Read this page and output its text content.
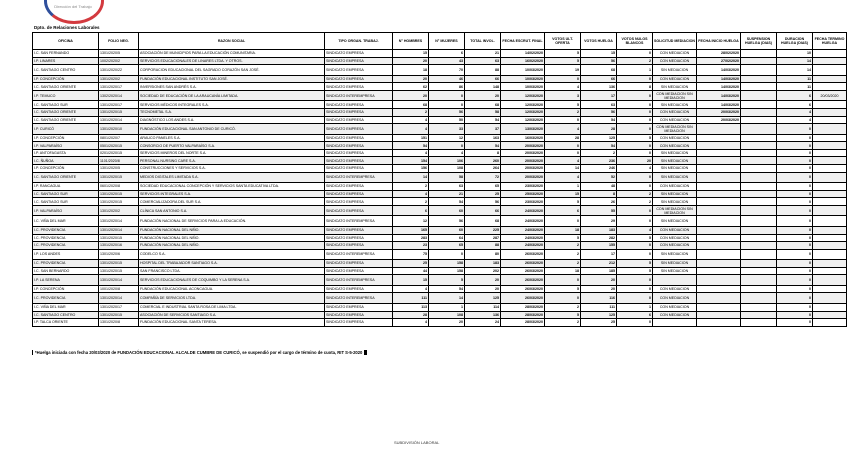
Dirección del Trabajo
Dpto. de Relaciones Laborales
OFICINA	FOLIO NEG.	RAZON SOCIAL	TIPO ORGAN. TRABAJ.	N° HOMBRES	N° MUJERES	TOTAL INVOL.	FECHA ESCRUT. FINAL	VOTOS ULT. OFERTA	VOTOS HUELGA	VOTOS NULOS BLANCOS	SOLICITUD MEDIACION	FECHA INICIO HUELGA	SUSPENSION HUELGA (DIAS)	DURACION HUELGA (DIAS)	FECHA TERMINO HUELGA
I.C. SAN FERNANDO	1301/2020/5	ASOCIACIÓN DE MUNICIPIOS PARA LA EDUCACIÓN COMUNITARIA.	SINDICATO EMPRESA	15	6	21	14/02/2020	5	15	0	CON MEDIACION	28/02/2020		10	
I.P. LINARES	1002/2020/2	SERVICIOS EDUCACIONALES DE LINARES LTDA. Y OTROS.	SINDICATO EMPRESA	20	43	63	16/02/2020	5	56	2	CON MEDIACION	27/02/2020		14	
I.C. SANTIAGO CENTRO	1301/2020/22	CORPORACION EDUCACIONAL DEL SAGRADO CORAZÓN SAN JOSÉ.	SINDICATO EMPRESA	18	70	88	10/03/2020	19	68	1	SIN MEDIACION	14/03/2020		14	
I.P. CONCEPCIÓN	1301/2020/2	FUNDACIÓN EDUCACIONAL INSTITUTO SAN JOSÉ.	SINDICATO EMPRESA	20	46	66	10/03/2020	0	66	0	CON MEDIACION	14/03/2020		11	
I.C. SANTIAGO ORIENTE	1301/2020/17	INVERSIONES SAN ANDRÉS S.A.	SINDICATO EMPRESA	62	86	148	10/03/2020	4	136	8	SIN MEDIACION	14/03/2020		11	
I.P. TEMUCO	1302/2020/14	SOCIEDAD DE EDUCACIÓN DE LA ARAUCANÍA LIMITADA.	SINDICATO INTEREMPRESA	20	0	20	12/03/2020	3	17	0	CON MEDIACION SIN MEDIACION	14/03/2020		6	20/03/2020
I.C. SANTIAGO SUR	1301/2020/17	SERVICIOS MÉDICOS INTEGRALES S.A.	SINDICATO EMPRESA	68	0	68	12/03/2020	5	63	0	SIN MEDIACION	14/03/2020		6	
I.C. SANTIAGO ORIENTE	1301/2020/15	TECNOMETAL S.A.	SINDICATO EMPRESA	2	56	58	12/03/2020	2	56	0	CON MEDIACION	20/03/2020		4	
I.C. SANTIAGO ORIENTE	1301/2020/14	DIAGNÓSTICO LOS ANDES S.A.	SINDICATO EMPRESA	4	50	54	12/03/2020	0	54	0	CON MEDIACION	20/03/2020		4	
I.P. CURICÓ	1301/2020/10	FUNDACIÓN EDUCACIONAL SAN ANTONIO DE CURICÓ.	SINDICATO EMPRESA	4	33	37	13/03/2020	4	28	0	CON MEDIACION SIN MEDIACION			0	
I.P. CONCEPCIÓN	0801/2020/7	ARAUCO PANELES S.A.	SINDICATO EMPRESA	151	12	163	16/03/2020	28	125	5	CON MEDIACION			0	
I.P. VALPARAÍSO	0501/2020/15	CONSORCIO DE PUERTO VALPARAÍSO S.A.	SINDICATO EMPRESA	54	0	54	20/03/2020	0	54	0	CON MEDIACION			0	
I.P. ANTOFAGASTA	0201/2020/15	SERVICIOS MINEROS DEL NORTE S.A.	SINDICATO EMPRESA	4	4	8	20/03/2020	0	2	0	SIN MEDIACION			0	
I.C. ÑUÑOA	1101/2020/8	PERSONAL NURSING CARE S.A.	SINDICATO EMPRESA	154	106	260	20/03/2020	4	236	20	SIN MEDIACION			0	
I.P. CONCEPCIÓN	1301/2020/5	CONSTRUCCIONES Y SERVICIOS S.A.	SINDICATO EMPRESA	156	108	264	20/03/2020	14	246	4	SIN MEDIACION			0	
I.C. SANTIAGO ORIENTE	1301/2020/15	MEDIOS DIGITALES LIMITADA S.A.	SINDICATO INTEREMPRESA	14	58	72	20/03/2020	4	52	0	SIN MEDIACION			0	
I.P. RANCAGUA	0601/2020/8	SOCIEDAD EDUCACIONAL CONCEPCIÓN Y SERVICIOS SANTA EDUCATIVA LTDA.	SINDICATO EMPRESA	2	63	65	23/03/2020	1	48	0	CON MEDIACION			0	
I.C. SANTIAGO SUR	1301/2020/15	SERVICIOS INTEGRALES S.A.	SINDICATO EMPRESA	4	21	25	25/03/2020	15	8	2	SIN MEDIACION			0	
I.C. SANTIAGO SUR	1301/2020/15	COMERCIALIZADORA DEL SUR S.A.	SINDICATO EMPRESA	2	54	56	23/03/2020	5	26	2	SIN MEDIACION			0	
I.P. VALPARAÍSO	1301/2020/2	CLÍNICA SAN ANTONIO S.A.	SINDICATO EMPRESA	6	60	66	24/03/2020	6	55	0	CON MEDIACION SIN MEDIACION			0	
I.C. VIÑA DEL MAR	1301/2020/14	FUNDACIÓN NACIONAL DE SERVICIOS PARA LA EDUCACIÓN.	SINDICATO INTEREMPRESA	12	56	68	24/03/2020	0	29	0	SIN MEDIACION			0	
I.C. PROVIDENCIA	1301/2020/14	FUNDACIÓN NACIONAL DEL NIÑO.	SINDICATO EMPRESA	165	60	225	24/03/2020	18	183	4	CON MEDIACION			0	
I.C. PROVIDENCIA	1301/2020/15	FUNDACIÓN NACIONAL DEL NIÑO.	SINDICATO EMPRESA	283	64	287	24/03/2020	5	282	5	CON MEDIACION			0	
I.C. PROVIDENCIA	1301/2020/16	FUNDACIÓN NACIONAL DEL NIÑO.	SINDICATO EMPRESA	23	65	88	24/03/2020	2	155	0	CON MEDIACION			0	
I.P. LOS ANDES	1301/2020/6	CODELCO S.A.	SINDICATO INTEREMPRESA	75	0	80	26/03/2020	2	17	0	SIN MEDIACION			0	
I.C. PROVIDENCIA	1301/2020/15	HOSPITAL DEL TRABAJADOR SANTIAGO S.A.	SINDICATO EMPRESA	25	158	183	26/03/2020	2	212	5	SIN MEDIACION			0	
I.C. SAN BERNARDO	1301/2020/15	SAN FRANCISCO LTDA.	SINDICATO EMPRESA	44	158	202	26/03/2020	18	185	5	SIN MEDIACION			0	
I.P. LA SERENA	1301/2020/14	SERVICIOS EDUCACIONALES DE COQUIMBO Y LA SERENA S.A.	SINDICATO INTEREMPRESA	15	5	20	26/03/2020	0	20	0				0	
I.P. CONCEPCIÓN	1001/2020/8	FUNDACIÓN EDUCACIONAL ACONCAGUA.	SINDICATO EMPRESA	4	54	20	26/03/2020	5	20	0	CON MEDIACION			0	
I.C. PROVIDENCIA	1301/2020/14	COMPAÑÍA DE SERVICIOS LTDA.	SINDICATO INTEREMPRESA	111	14	125	26/03/2020	0	116	0	CON MEDIACION			0	
I.C. VIÑA DEL MAR	1301/2020/17	COMERCIAL E INDUSTRIAL SANTA ROSA DE LIMA LTDA.	SINDICATO EMPRESA	113	1	114	28/03/2020	2	111	1	CON MEDIACION			0	
I.C. SANTIAGO CENTRO	1301/2020/15	ASOCIACIÓN DE SERVICIOS SANTIAGO S.A.	SINDICATO EMPRESA	28	108	136	28/03/2020	5	125	6	CON MEDIACION			0	
I.P. TALCA ORIENTE	1301/2020/8	FUNDACIÓN EDUCACIONAL SANTA TERESA.	SINDICATO EMPRESA	4	20	24	28/03/2020	2	25	0				0	
*Huelga iniciada con fecha 20/03/2020 de FUNDACIÓN EDUCACIONAL ALCALDE CUMBRE DE CURICÓ, se suspendió por el cargo de término de cuota, RIT S-5-2020
SUBDIVISIÓN LABORAL
